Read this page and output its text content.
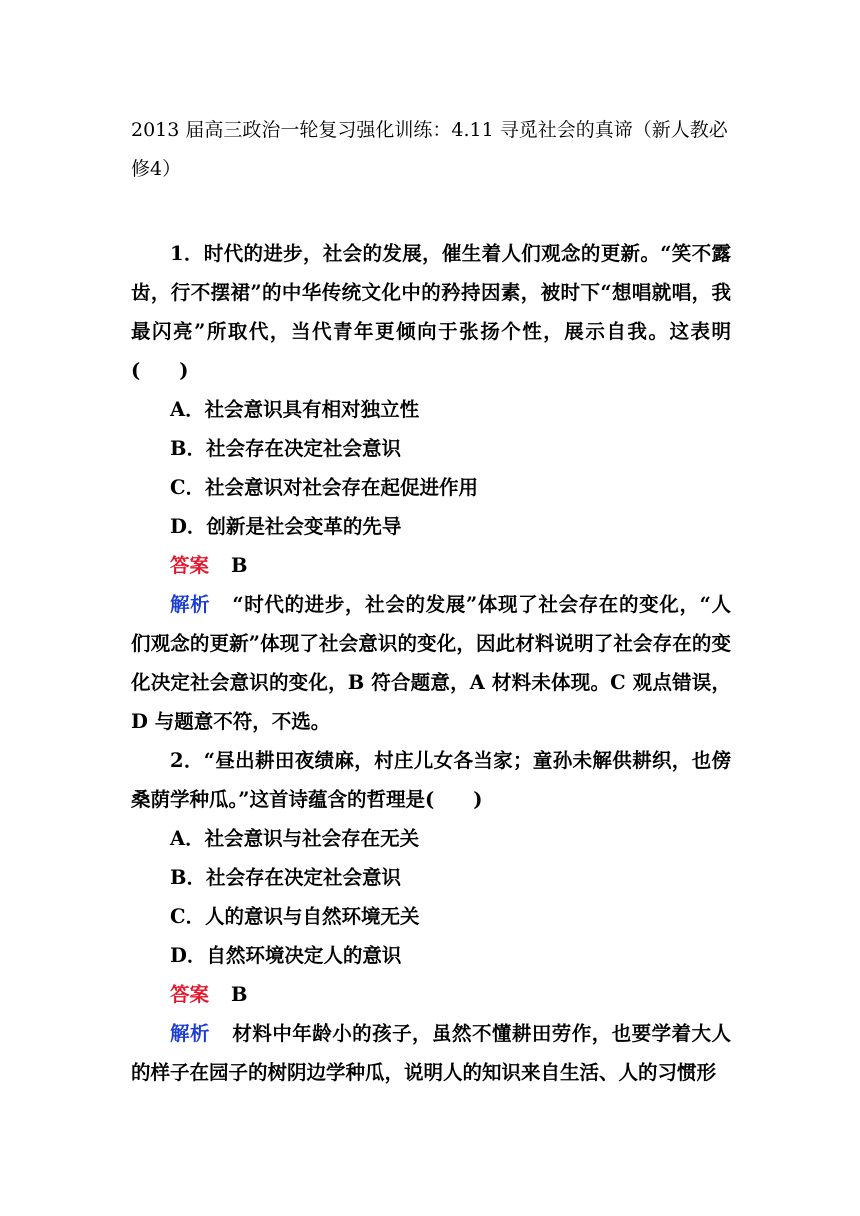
2013 届高三政治一轮复习强化训练：4.11 寻觅社会的真谛（新人教必修4）

1．时代的进步，社会的发展，催生着人们观念的更新。“笑不露齿，行不摆裙”的中华传统文化中的矜持因素，被时下“想唱就唱，我最闪亮”所取代，当代青年更倾向于张扬个性，展示自我。这表明(　　)

A．社会意识具有相对独立性

B．社会存在决定社会意识

C．社会意识对社会存在起促进作用

D．创新是社会变革的先导

答案 B

解析 “时代的进步，社会的发展”体现了社会存在的变化，“人们观念的更新”体现了社会意识的变化，因此材料说明了社会存在的变化决定社会意识的变化，B 符合题意，A 材料未体现。C 观点错误，D 与题意不符，不选。

2．“昼出耕田夜绩麻，村庄儿女各当家；童孙未解供耕织，也傍桑荫学种瓜。”这首诗蕴含的哲理是(　　)

A．社会意识与社会存在无关

B．社会存在决定社会意识

C．人的意识与自然环境无关

D．自然环境决定人的意识

答案 B

解析 材料中年龄小的孩子，虽然不懂耕田劳作，也要学着大人的样子在园子的树阴边学种瓜，说明人的知识来自生活、人的习惯形
